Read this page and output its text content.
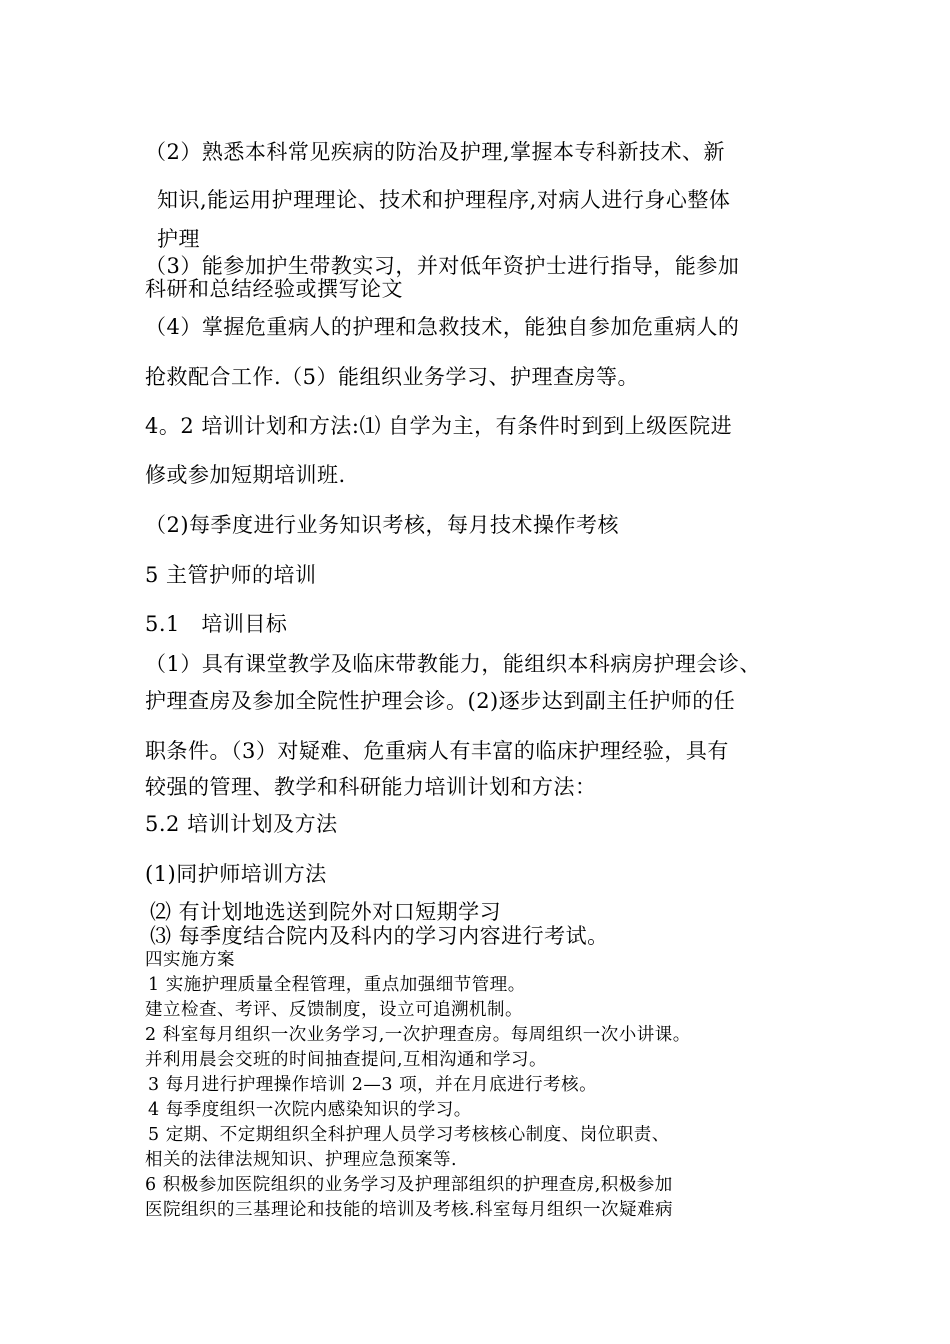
（2）熟悉本科常见疾病的防治及护理,掌握本专科新技术、新
知识,能运用护理理论、技术和护理程序,对病人进行身心整体
护理
（3）能参加护生带教实习，并对低年资护士进行指导，能参加
科研和总结经验或撰写论文
（4）掌握危重病人的护理和急救技术，能独自参加危重病人的
抢救配合工作.（5）能组织业务学习、护理查房等。
4。2 培训计划和方法:⑴ 自学为主，有条件时到到上级医院进
修或参加短期培训班.
（2)每季度进行业务知识考核，每月技术操作考核
5 主管护师的培训
5.1　培训目标
（1）具有课堂教学及临床带教能力，能组织本科病房护理会诊、
护理查房及参加全院性护理会诊。(2)逐步达到副主任护师的任
职条件。（3）对疑难、危重病人有丰富的临床护理经验，具有
较强的管理、教学和科研能力培训计划和方法：
5.2 培训计划及方法
(1)同护师培训方法
⑵ 有计划地选送到院外对口短期学习
⑶ 每季度结合院内及科内的学习内容进行考试。
四实施方案
1 实施护理质量全程管理，重点加强细节管理。
建立检查、考评、反馈制度，设立可追溯机制。
2 科室每月组织一次业务学习,一次护理查房。每周组织一次小讲课。
并利用晨会交班的时间抽查提问,互相沟通和学习。
3 每月进行护理操作培训 2—3 项，并在月底进行考核。
4 每季度组织一次院内感染知识的学习。
5 定期、不定期组织全科护理人员学习考核核心制度、岗位职责、
相关的法律法规知识、护理应急预案等.
6 积极参加医院组织的业务学习及护理部组织的护理查房,积极参加
医院组织的三基理论和技能的培训及考核.科室每月组织一次疑难病
